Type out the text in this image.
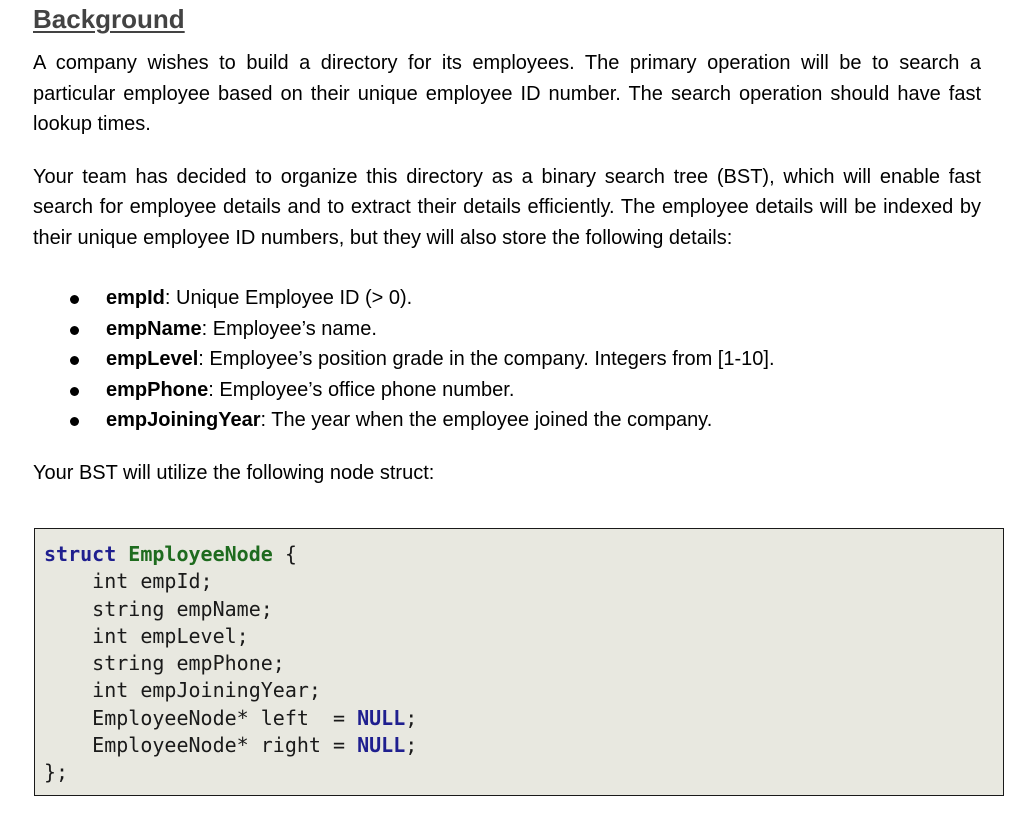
Background

A company wishes to build a directory for its employees. The primary operation will be to search a particular employee based on their unique employee ID number. The search operation should have fast lookup times.

Your team has decided to organize this directory as a binary search tree (BST), which will enable fast search for employee details and to extract their details efficiently. The employee details will be indexed by their unique employee ID numbers, but they will also store the following details:

empId: Unique Employee ID (> 0).
empName: Employee’s name.
empLevel: Employee’s position grade in the company. Integers from [1-10].
empPhone: Employee’s office phone number.
empJoiningYear: The year when the employee joined the company.

Your BST will utilize the following node struct:

struct EmployeeNode {
int empId;
string empName;
int empLevel;
string empPhone;
int empJoiningYear;
EmployeeNode* left  = NULL;
EmployeeNode* right = NULL;
};
